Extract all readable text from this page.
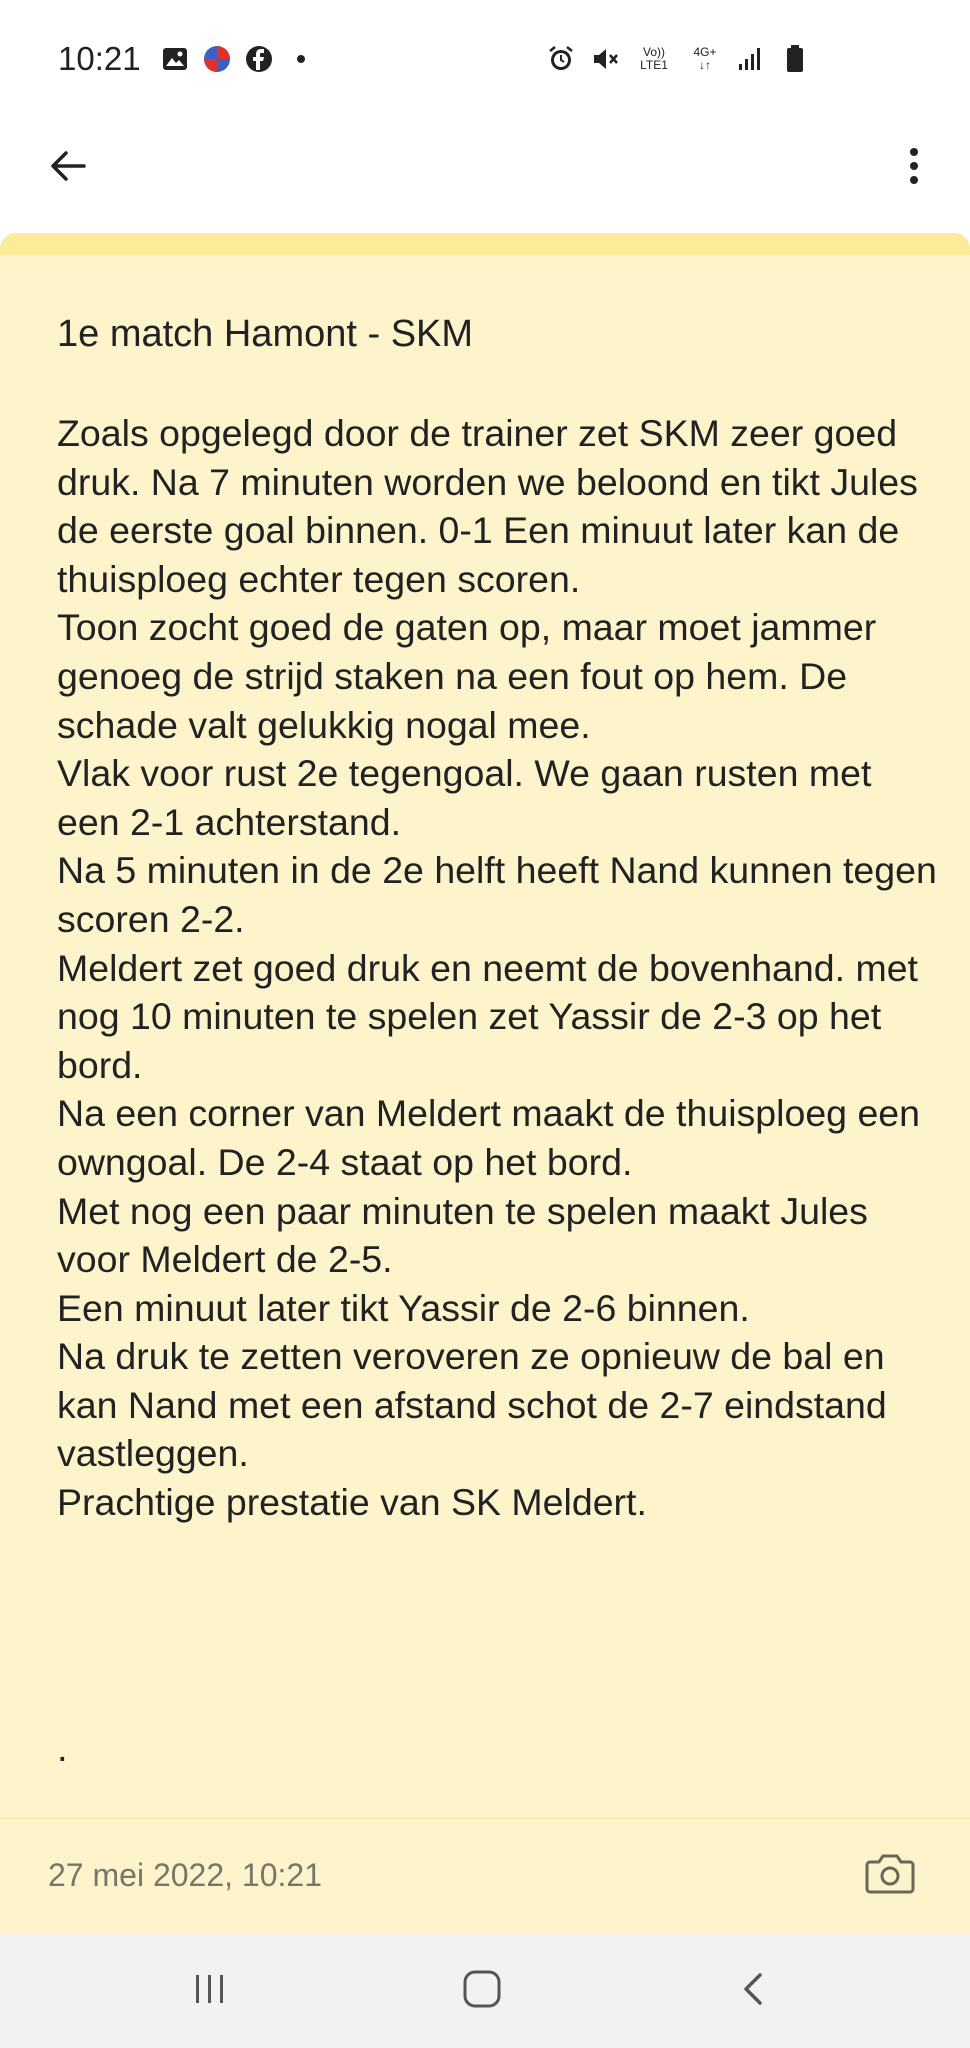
10:21	Vo))
LTE1
4G+
↓↑
1e match Hamont - SKM

Zoals opgelegd door de trainer zet SKM zeer goed druk. Na 7 minuten worden we beloond en tikt Jules de eerste goal binnen. 0-1 Een minuut later kan de thuisploeg echter tegen scoren.

Toon zocht goed de gaten op, maar moet jammer genoeg de strijd staken na een fout op hem. De schade valt gelukkig nogal mee.

Vlak voor rust 2e tegengoal. We gaan rusten met een 2-1 achterstand.

Na 5 minuten in de 2e helft heeft Nand kunnen tegen scoren 2-2.

Meldert zet goed druk en neemt de bovenhand. met nog 10 minuten te spelen zet Yassir de 2-3 op het bord.

Na een corner van Meldert maakt de thuisploeg een owngoal. De 2-4 staat op het bord.

Met nog een paar minuten te spelen maakt Jules voor Meldert de 2-5.

Een minuut later tikt Yassir de 2-6 binnen.

Na druk te zetten veroveren ze opnieuw de bal en kan Nand met een afstand schot de 2-7 eindstand vastleggen.

Prachtige prestatie van SK Meldert.

.
27 mei 2022, 10:21
